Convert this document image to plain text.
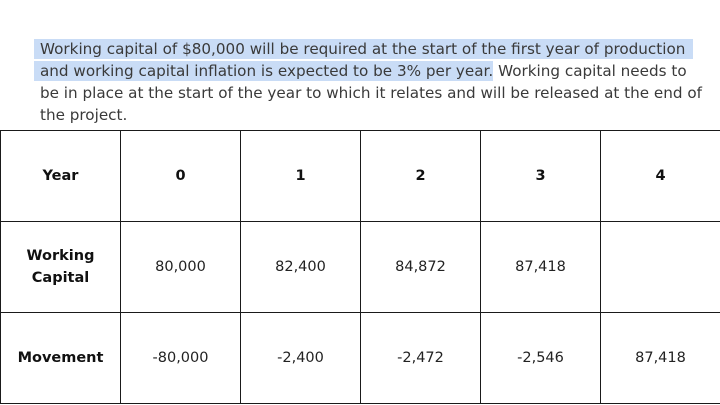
Working capital of $80,000 will be required at the start of the first year of production
and working capital inflation is expected to be 3% per year. Working capital needs to
be in place at the start of the year to which it relates and will be released at the end of
the project.
Year	0	1	2	3	4
Working
Capital	80,000	82,400	84,872	87,418	
Movement	-80,000	-2,400	-2,472	-2,546	87,418
